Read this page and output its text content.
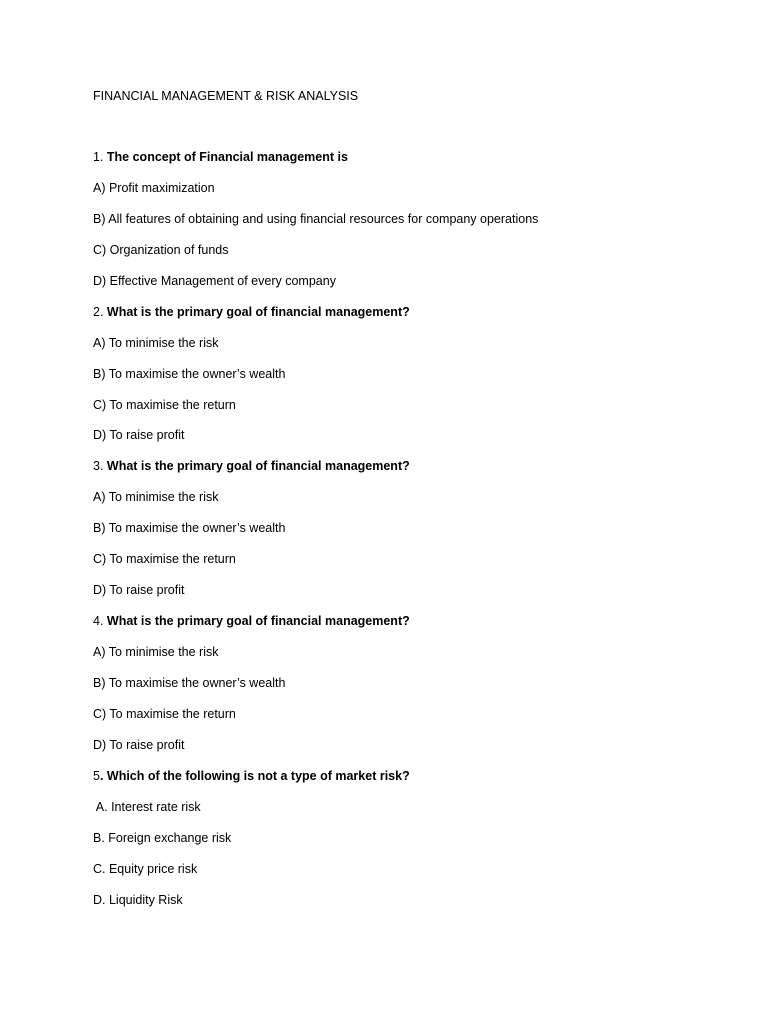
FINANCIAL MANAGEMENT & RISK ANALYSIS
1. The concept of Financial management is
A) Profit maximization
B) All features of obtaining and using financial resources for company operations
C) Organization of funds
D) Effective Management of every company
2. What is the primary goal of financial management?
A) To minimise the risk
B) To maximise the owner’s wealth
C) To maximise the return
D) To raise profit
3. What is the primary goal of financial management?
A) To minimise the risk
B) To maximise the owner’s wealth
C) To maximise the return
D) To raise profit
4. What is the primary goal of financial management?
A) To minimise the risk
B) To maximise the owner’s wealth
C) To maximise the return
D) To raise profit
5. Which of the following is not a type of market risk?
A. Interest rate risk
B. Foreign exchange risk
C. Equity price risk
D. Liquidity Risk
